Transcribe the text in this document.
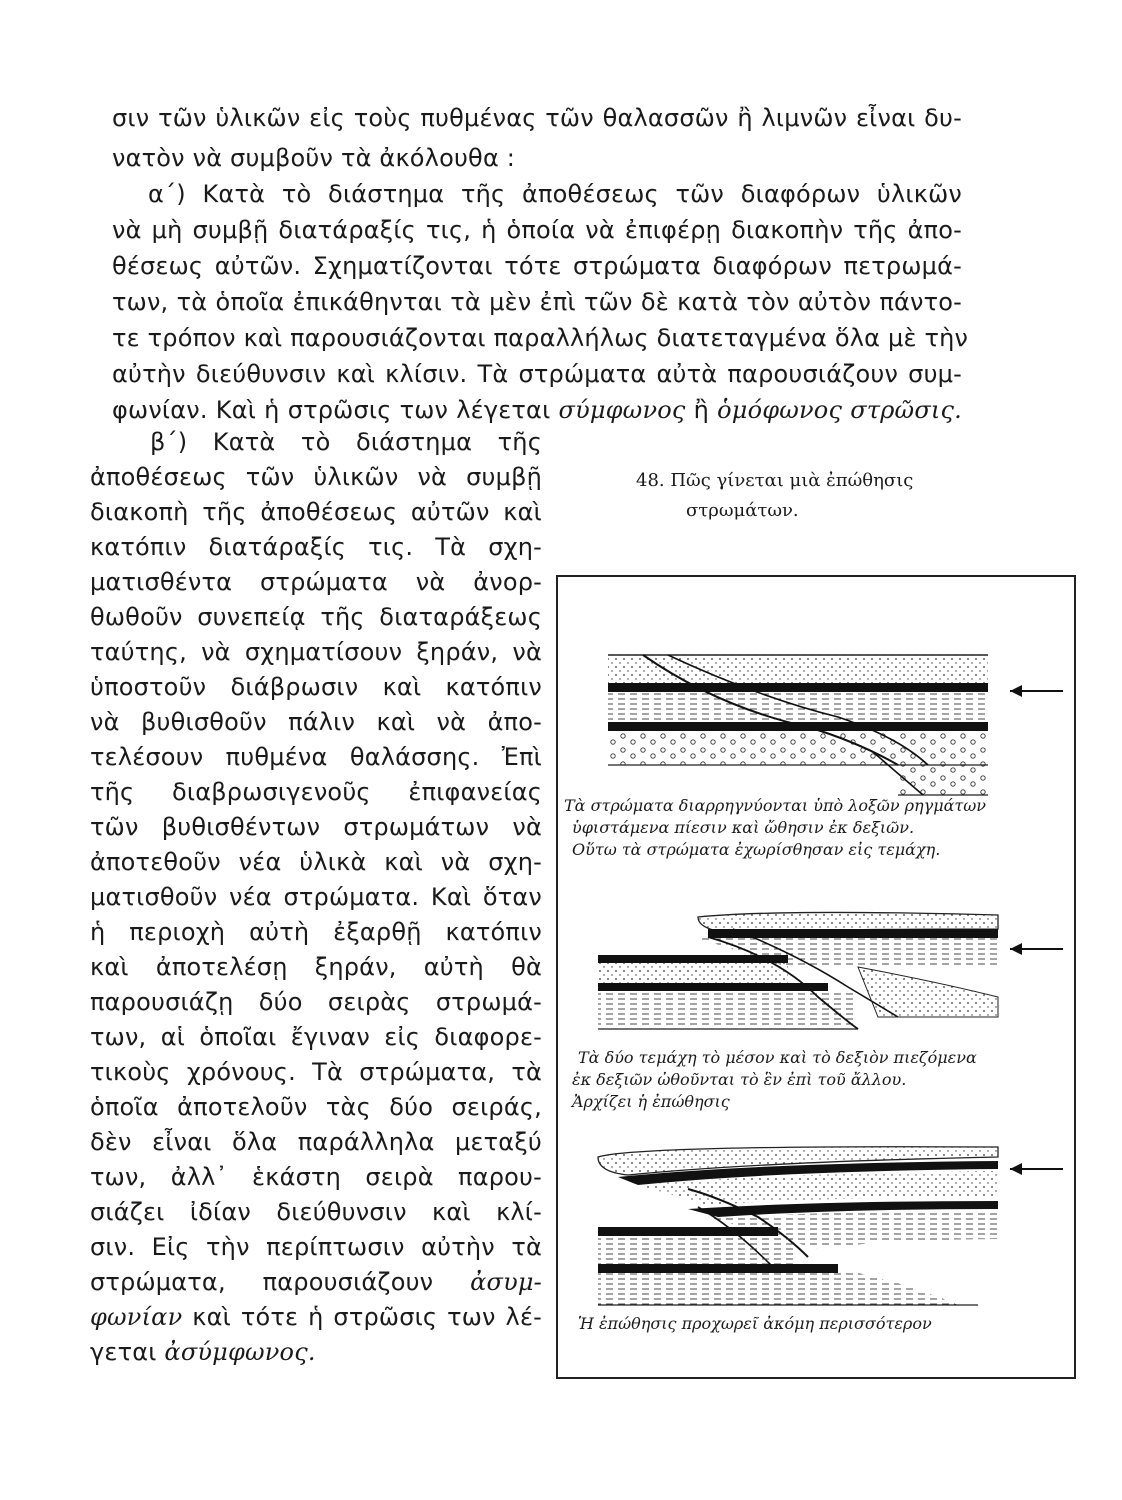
σιν τῶν ὑλικῶν εἰς τοὺς πυθμένας τῶν θαλασσῶν ἢ λιμνῶν εἶναι δυ-
νατὸν νὰ συμβοῦν τὰ ἀκόλουθα :
α΄) Κατὰ τὸ διάστημα τῆς ἀποθέσεως τῶν διαφόρων ὑλικῶν
νὰ μὴ συμβῇ διατάραξίς τις, ἡ ὁποία νὰ ἐπιφέρῃ διακοπὴν τῆς ἀπο-
θέσεως αὐτῶν. Σχηματίζονται τότε στρώματα διαφόρων πετρωμά-
των, τὰ ὁποῖα ἐπικάθηνται τὰ μὲν ἐπὶ τῶν δὲ κατὰ τὸν αὐτὸν πάντο-
τε τρόπον καὶ παρουσιάζονται παραλλήλως διατεταγμένα ὅλα μὲ τὴν
αὐτὴν διεύθυνσιν καὶ κλίσιν. Τὰ στρώματα αὐτὰ παρουσιάζουν συμ-
φωνίαν. Καὶ ἡ στρῶσις των λέγεται σύμφωνος ἢ ὁμόφωνος στρῶσις.
β΄) Κατὰ τὸ διάστημα τῆς
ἀποθέσεως τῶν ὑλικῶν νὰ συμβῇ
διακοπὴ τῆς ἀποθέσεως αὐτῶν καὶ
κατόπιν διατάραξίς τις. Τὰ σχη-
ματισθέντα στρώματα νὰ ἀνορ-
θωθοῦν συνεπείᾳ τῆς διαταράξεως
ταύτης, νὰ σχηματίσουν ξηράν, νὰ
ὑποστοῦν διάβρωσιν καὶ κατόπιν
νὰ βυθισθοῦν πάλιν καὶ νὰ ἀπο-
τελέσουν πυθμένα θαλάσσης. Ἐπὶ
τῆς διαβρωσιγενοῦς ἐπιφανείας
τῶν βυθισθέντων στρωμάτων νὰ
ἀποτεθοῦν νέα ὑλικὰ καὶ νὰ σχη-
ματισθοῦν νέα στρώματα. Καὶ ὅταν
ἡ περιοχὴ αὐτὴ ἐξαρθῇ κατόπιν
καὶ ἀποτελέσῃ ξηράν, αὐτὴ θὰ
παρουσιάζῃ δύο σειρὰς στρωμά-
των, αἱ ὁποῖαι ἔγιναν εἰς διαφορε-
τικοὺς χρόνους. Τὰ στρώματα, τὰ
ὁποῖα ἀποτελοῦν τὰς δύο σειράς,
δὲν εἶναι ὅλα παράλληλα μεταξύ
των, ἀλλ᾽ ἑκάστη σειρὰ παρου-
σιάζει ἰδίαν διεύθυνσιν καὶ κλί-
σιν. Εἰς τὴν περίπτωσιν αὐτὴν τὰ
στρώματα, παρουσιάζουν ἀσυμ-
φωνίαν καὶ τότε ἡ στρῶσις των λέ-
γεται ἀσύμφωνος.
48. Πῶς γίνεται μιὰ ἐπώθησις
στρωμάτων.
Τὰ στρώματα διαρρηγνύονται ὑπὸ λοξῶν ρηγμάτων
ὑφιστάμενα πίεσιν καὶ ὤθησιν ἐκ δεξιῶν.
Οὕτω τὰ στρώματα ἐχωρίσθησαν εἰς τεμάχη.
Τὰ δύο τεμάχη τὸ μέσον καὶ τὸ δεξιὸν πιεζόμενα
ἐκ δεξιῶν ὠθοῦνται τὸ ἓν ἐπὶ τοῦ ἄλλου.
Ἀρχίζει ἡ ἐπώθησις
Ἡ ἐπώθησις προχωρεῖ ἀκόμη περισσότερον
